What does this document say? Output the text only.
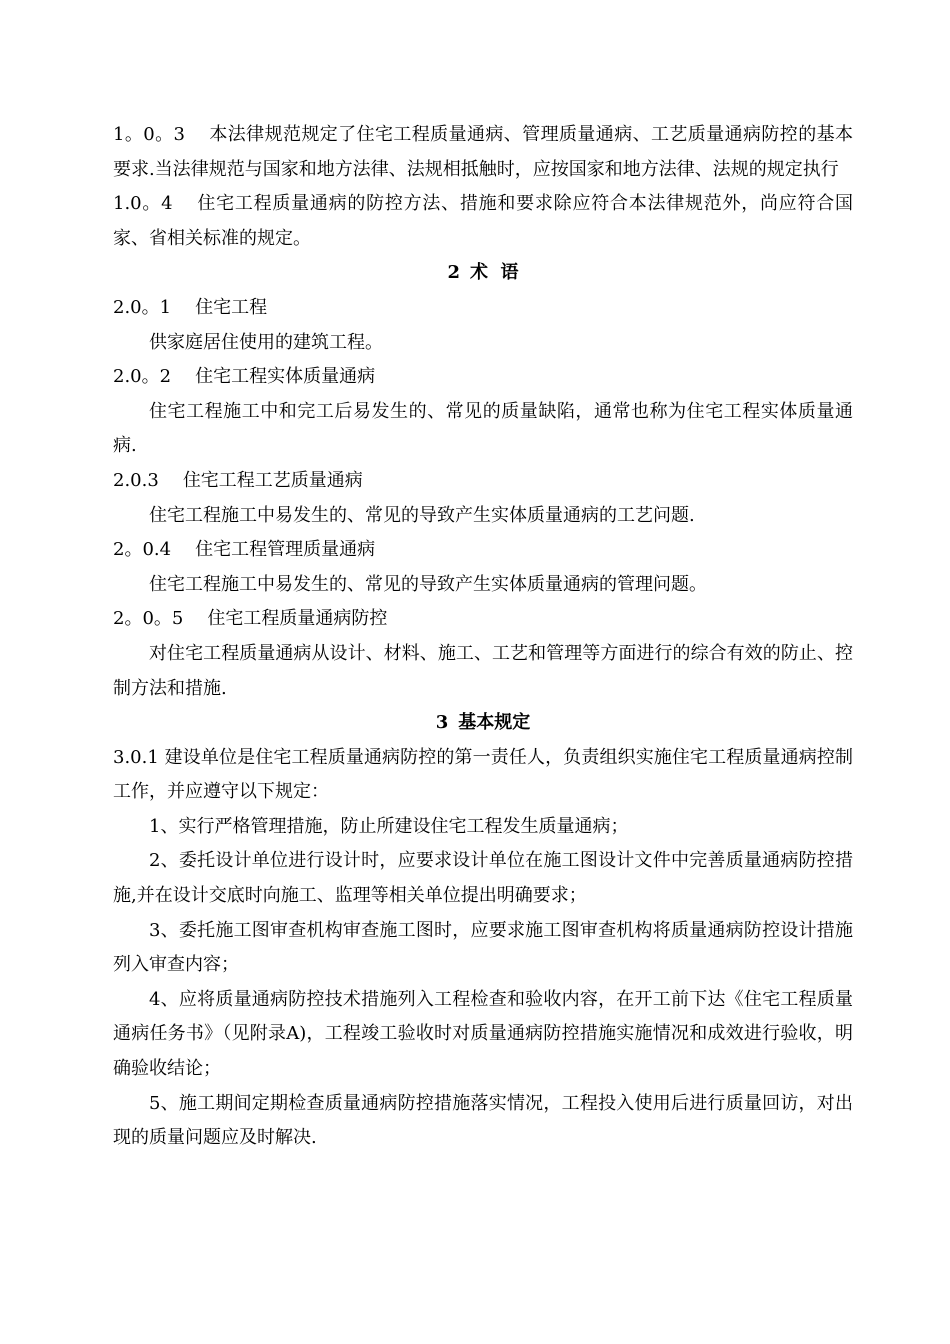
1。0。3 本法律规范规定了住宅工程质量通病、管理质量通病、工艺质量通病防控的基本要求.当法律规范与国家和地方法律、法规相抵触时，应按国家和地方法律、法规的规定执行

1.0。4 住宅工程质量通病的防控方法、措施和要求除应符合本法律规范外，尚应符合国家、省相关标准的规定。

2 术  语

2.0。1 住宅工程

供家庭居住使用的建筑工程。

2.0。2 住宅工程实体质量通病

住宅工程施工中和完工后易发生的、常见的质量缺陷，通常也称为住宅工程实体质量通病.

2.0.3 住宅工程工艺质量通病

住宅工程施工中易发生的、常见的导致产生实体质量通病的工艺问题.

2。0.4 住宅工程管理质量通病

住宅工程施工中易发生的、常见的导致产生实体质量通病的管理问题。

2。0。5 住宅工程质量通病防控

对住宅工程质量通病从设计、材料、施工、工艺和管理等方面进行的综合有效的防止、控制方法和措施.

3 基本规定

3.0.1 建设单位是住宅工程质量通病防控的第一责任人，负责组织实施住宅工程质量通病控制工作，并应遵守以下规定：

1、实行严格管理措施，防止所建设住宅工程发生质量通病；

2、委托设计单位进行设计时，应要求设计单位在施工图设计文件中完善质量通病防控措施,并在设计交底时向施工、监理等相关单位提出明确要求；

3、委托施工图审查机构审查施工图时，应要求施工图审查机构将质量通病防控设计措施列入审查内容；

4、应将质量通病防控技术措施列入工程检查和验收内容，在开工前下达《住宅工程质量通病任务书》（见附录A)，工程竣工验收时对质量通病防控措施实施情况和成效进行验收，明确验收结论；

5、施工期间定期检查质量通病防控措施落实情况，工程投入使用后进行质量回访，对出现的质量问题应及时解决.
